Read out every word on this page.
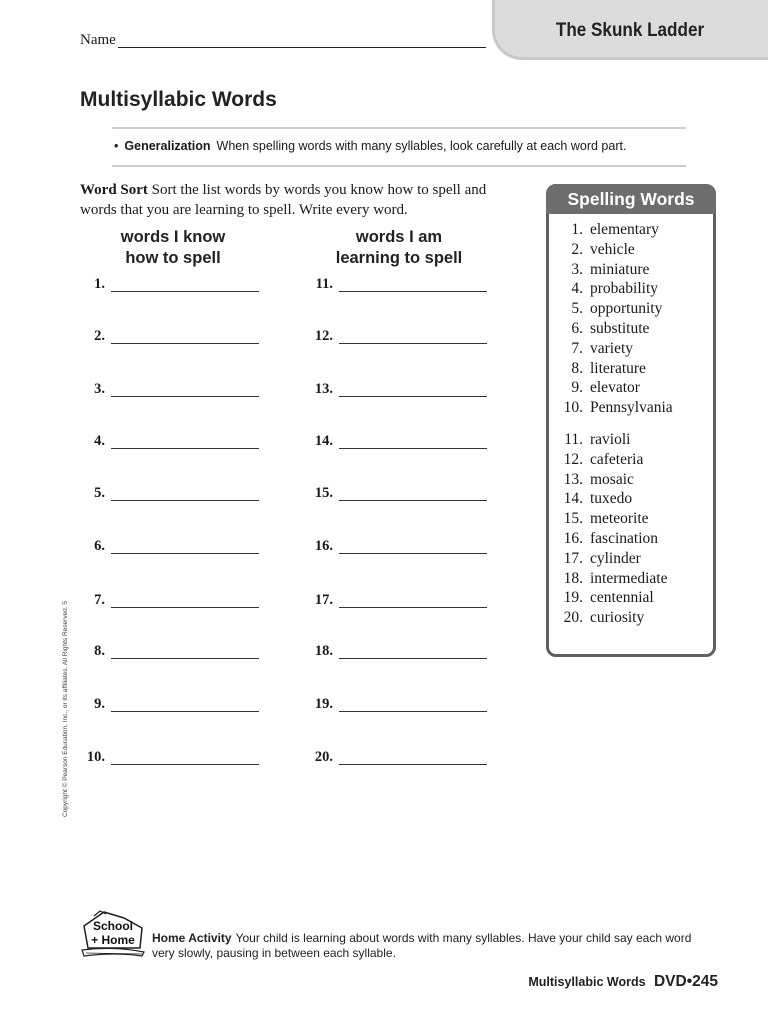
The Skunk Ladder
Name
Multisyllabic Words
• Generalization When spelling words with many syllables, look carefully at each word part.
Word Sort Sort the list words by words you know how to spell and words that you are learning to spell. Write every word.
words I know
how to spell
words I am
learning to spell
1.
2.
3.
4.
5.
6.
7.
8.
9.
10.
11.
12.
13.
14.
15.
16.
17.
18.
19.
20.
Spelling Words
1. elementary
2. vehicle
3. miniature
4. probability
5. opportunity
6. substitute
7. variety
8. literature
9. elevator
10. Pennsylvania
11. ravioli
12. cafeteria
13. mosaic
14. tuxedo
15. meteorite
16. fascination
17. cylinder
18. intermediate
19. centennial
20. curiosity
Copyright © Pearson Education, Inc., or its affiliates. All Rights Reserved. 5
School
+ Home Home Activity Your child is learning about words with many syllables. Have your child say each word very slowly, pausing in between each syllable.
Multisyllabic Words DVD•245
